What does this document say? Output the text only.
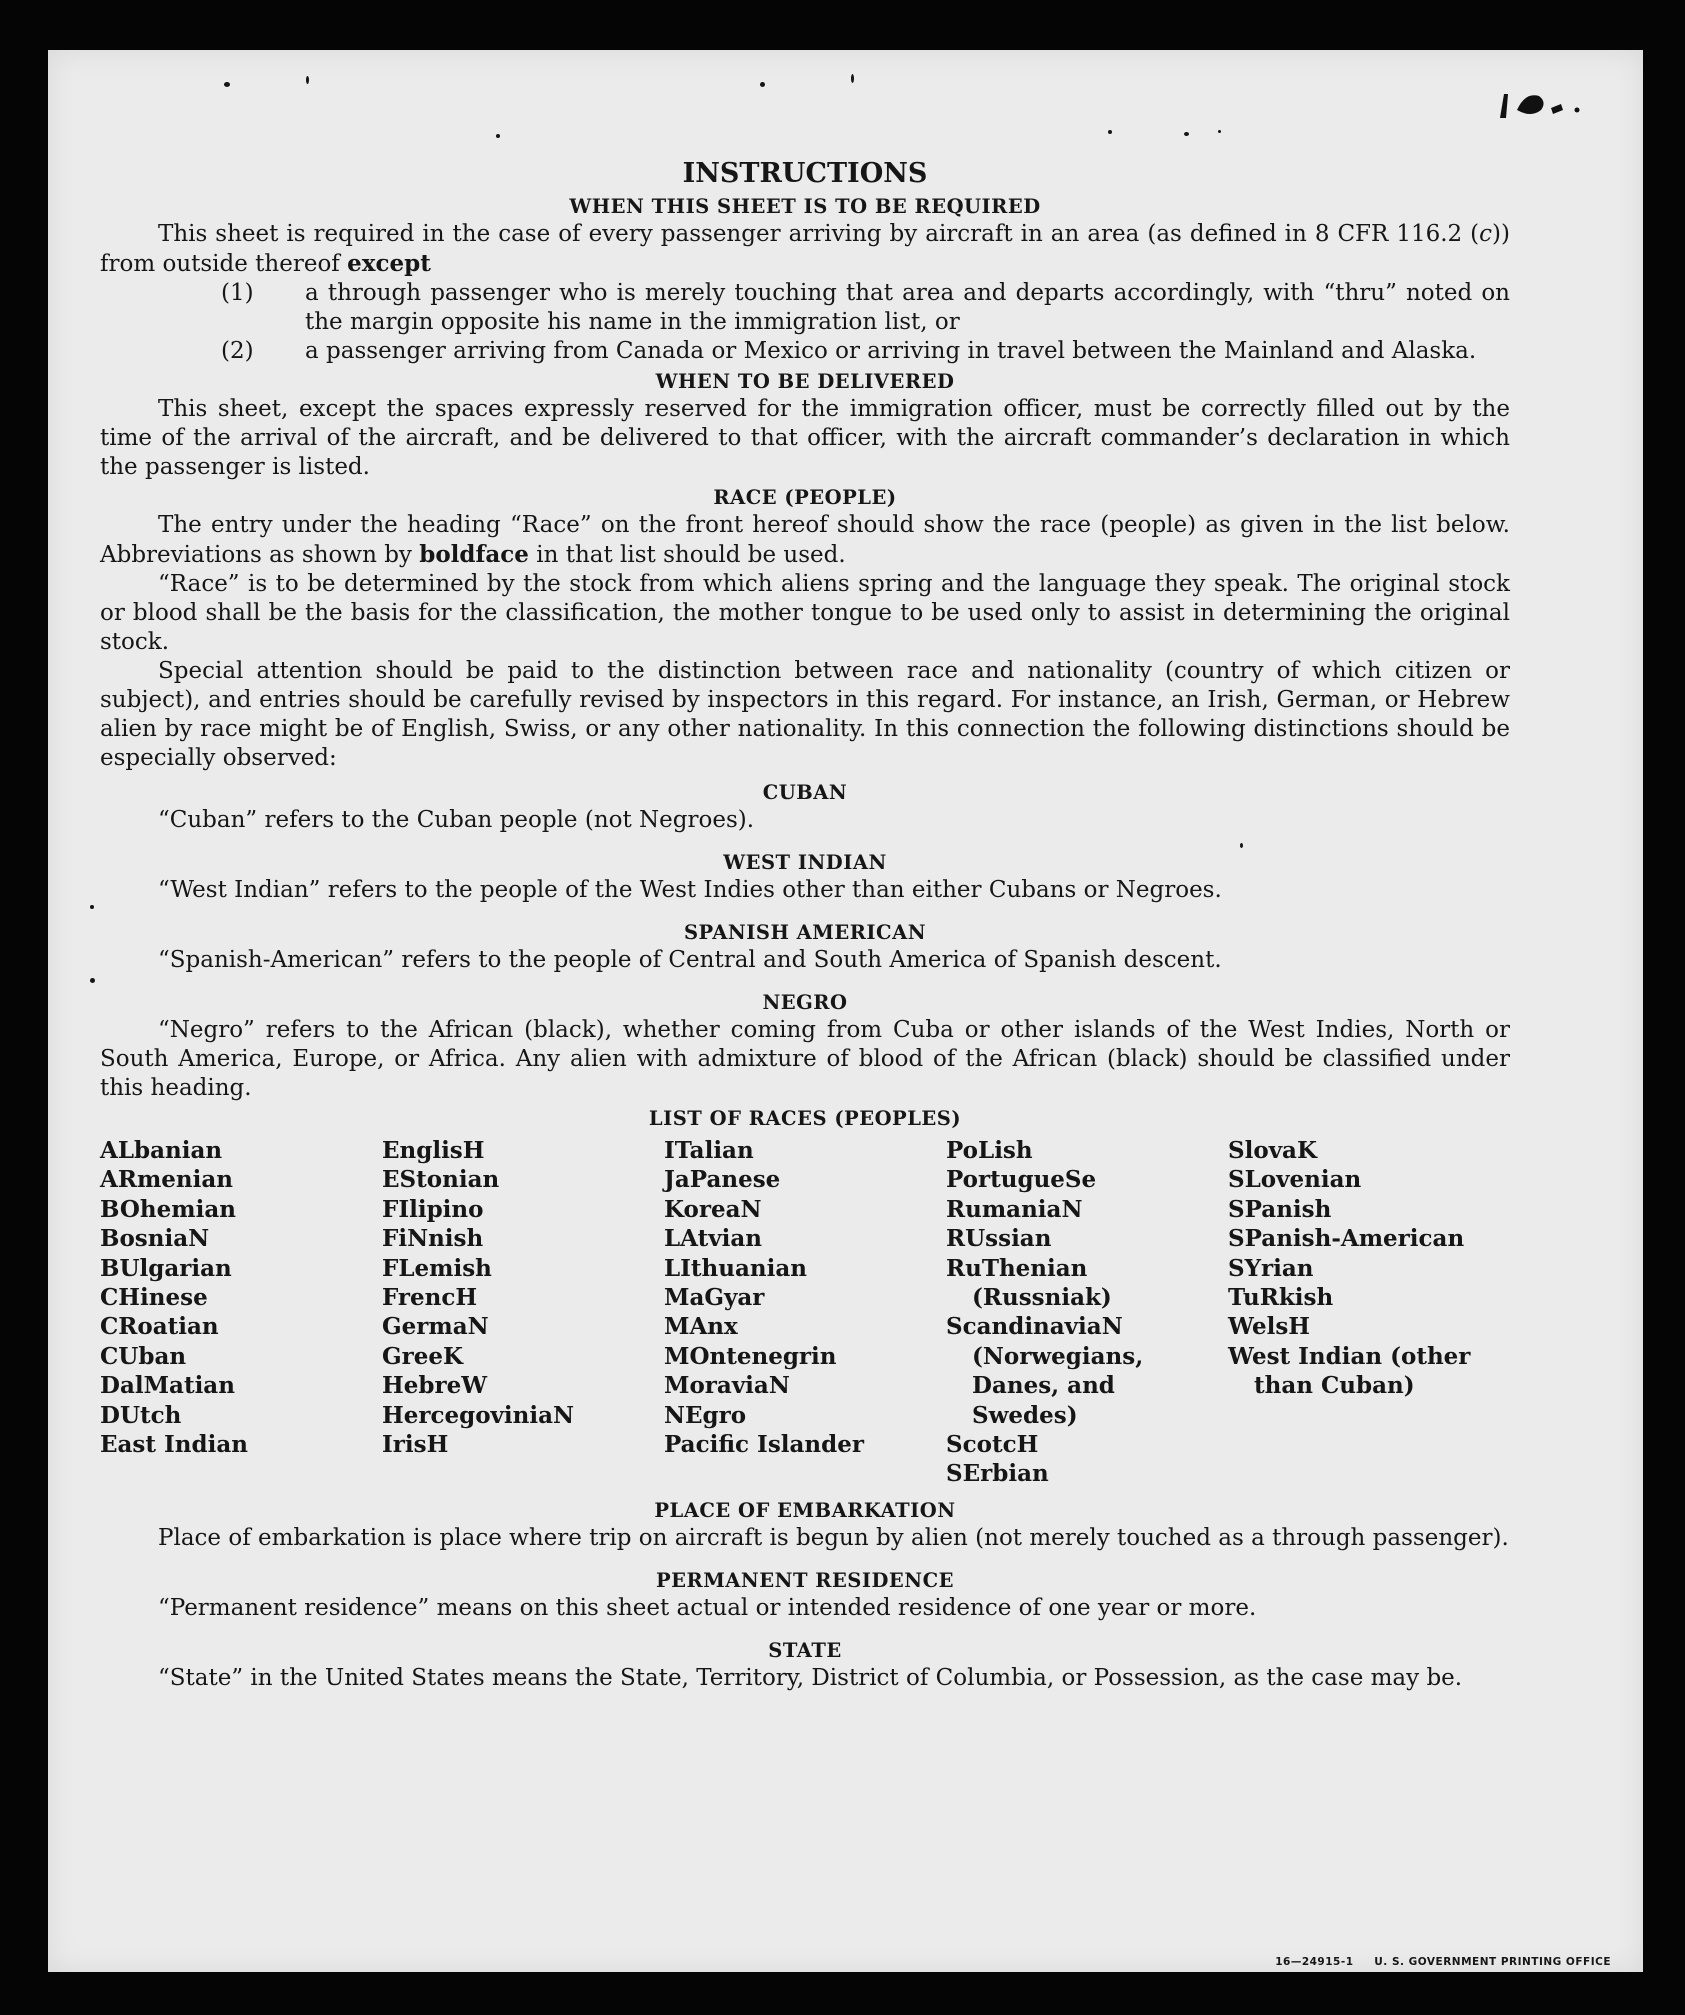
INSTRUCTIONS
WHEN THIS SHEET IS TO BE REQUIRED

This sheet is required in the case of every passenger arriving by aircraft in an area (as defined in 8 CFR 116.2 (c)) from outside thereof except

(1) a through passenger who is merely touching that area and departs accordingly, with “thru” noted on the margin opposite his name in the immigration list, or
(2) a passenger arriving from Canada or Mexico or arriving in travel between the Mainland and Alaska.
WHEN TO BE DELIVERED

This sheet, except the spaces expressly reserved for the immigration officer, must be correctly filled out by the time of the arrival of the aircraft, and be delivered to that officer, with the aircraft commander’s declaration in which the passenger is listed.

RACE (PEOPLE)

The entry under the heading “Race” on the front hereof should show the race (people) as given in the list below. Abbreviations as shown by boldface in that list should be used.

“Race” is to be determined by the stock from which aliens spring and the language they speak. The original stock or blood shall be the basis for the classification, the mother tongue to be used only to assist in determining the original stock.

Special attention should be paid to the distinction between race and nationality (country of which citizen or subject), and entries should be carefully revised by inspectors in this regard. For instance, an Irish, German, or Hebrew alien by race might be of English, Swiss, or any other nationality. In this connection the following distinctions should be especially observed:

CUBAN

“Cuban” refers to the Cuban people (not Negroes).

WEST INDIAN

“West Indian” refers to the people of the West Indies other than either Cubans or Negroes.

SPANISH AMERICAN

“Spanish-American” refers to the people of Central and South America of Spanish descent.

NEGRO

“Negro” refers to the African (black), whether coming from Cuba or other islands of the West Indies, North or South America, Europe, or Africa. Any alien with admixture of blood of the African (black) should be classified under this heading.

LIST OF RACES (PEOPLES)
ALbanian
ARmenian
BOhemian
BosniaN
BUlgarian
CHinese
CRoatian
CUban
DalMatian
DUtch
East Indian
EnglisH
EStonian
FIlipino
FiNnish
FLemish
FrencH
GermaN
GreeK
HebreW
HercegoviniaN
IrisH
ITalian
JaPanese
KoreaN
LAtvian
LIthuanian
MaGyar
MAnx
MOntenegrin
MoraviaN
NEgro
Pacific Islander
PoLish
PortugueSe
RumaniaN
RUssian
RuThenian (Russniak)
ScandinaviaN (Norwegians, Danes, and Swedes)
ScotcH
SErbian
SlovaK
SLovenian
SPanish
SPanish-American
SYrian
TuRkish
WelsH
West Indian (other than Cuban)
PLACE OF EMBARKATION

Place of embarkation is place where trip on aircraft is begun by alien (not merely touched as a through passenger).

PERMANENT RESIDENCE

“Permanent residence” means on this sheet actual or intended residence of one year or more.

STATE

“State” in the United States means the State, Territory, District of Columbia, or Possession, as the case may be.

16—24915-1     U. S. GOVERNMENT PRINTING OFFICE
